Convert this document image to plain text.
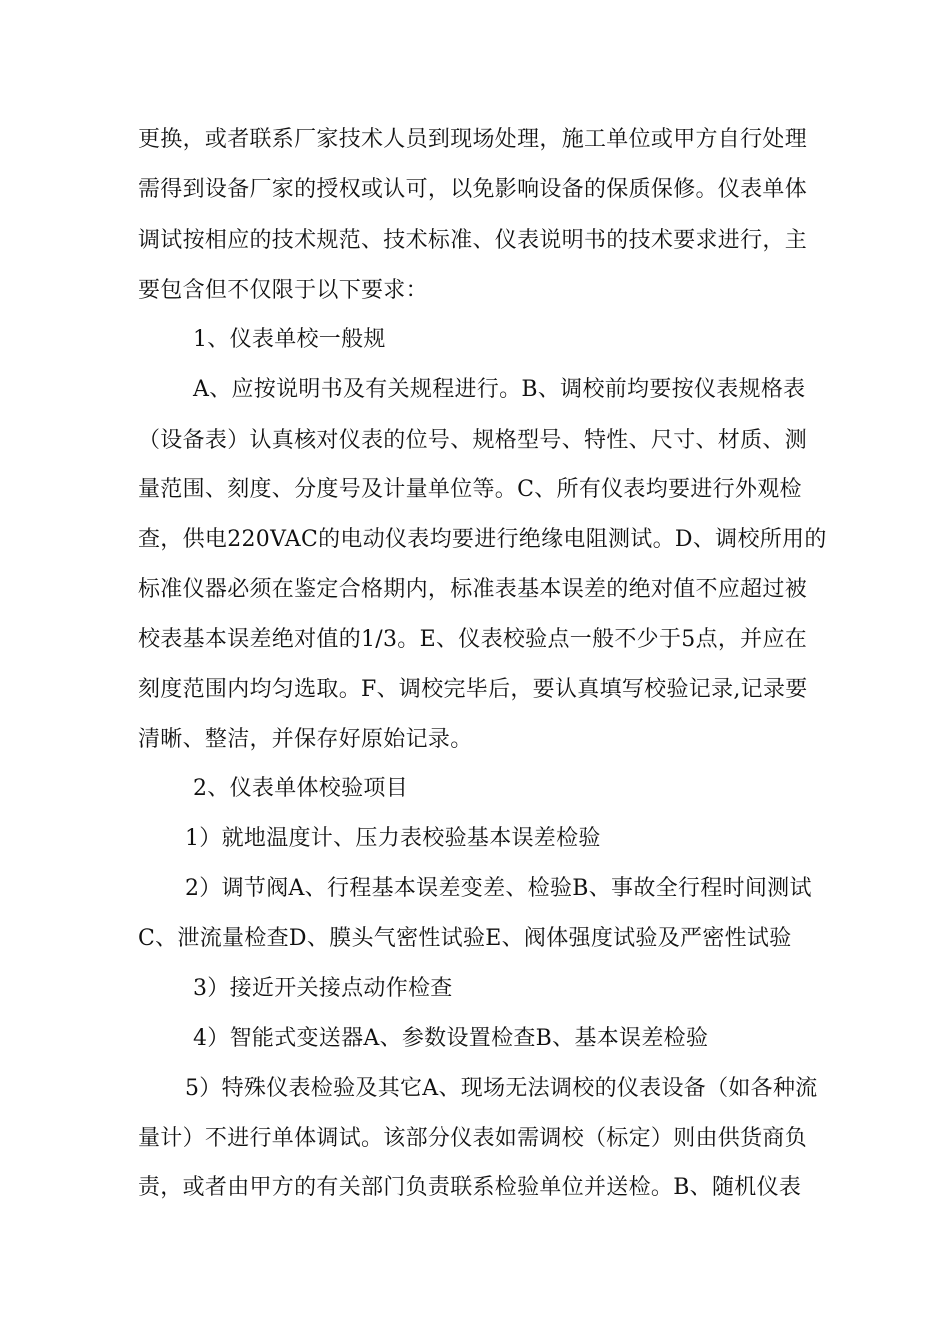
更换，或者联系厂家技术人员到现场处理，施工单位或甲方自行处理
需得到设备厂家的授权或认可，以免影响设备的保质保修。仪表单体
调试按相应的技术规范、技术标准、仪表说明书的技术要求进行，主
要包含但不仅限于以下要求：
1、仪表单校一般规
A、应按说明书及有关规程进行。B、调校前均要按仪表规格表
（设备表）认真核对仪表的位号、规格型号、特性、尺寸、材质、测
量范围、刻度、分度号及计量单位等。C、所有仪表均要进行外观检
查，供电220VAC的电动仪表均要进行绝缘电阻测试。D、调校所用的
标准仪器必须在鉴定合格期内，标准表基本误差的绝对值不应超过被
校表基本误差绝对值的1/3。E、仪表校验点一般不少于5点，并应在
刻度范围内均匀选取。F、调校完毕后，要认真填写校验记录,记录要
清晰、整洁，并保存好原始记录。
2、仪表单体校验项目
1）就地温度计、压力表校验基本误差检验
2）调节阀A、行程基本误差变差、检验B、事故全行程时间测试
C、泄流量检查D、膜头气密性试验E、阀体强度试验及严密性试验
3）接近开关接点动作检查
4）智能式变送器A、参数设置检查B、基本误差检验
5）特殊仪表检验及其它A、现场无法调校的仪表设备（如各种流
量计）不进行单体调试。该部分仪表如需调校（标定）则由供货商负
责，或者由甲方的有关部门负责联系检验单位并送检。B、随机仪表
